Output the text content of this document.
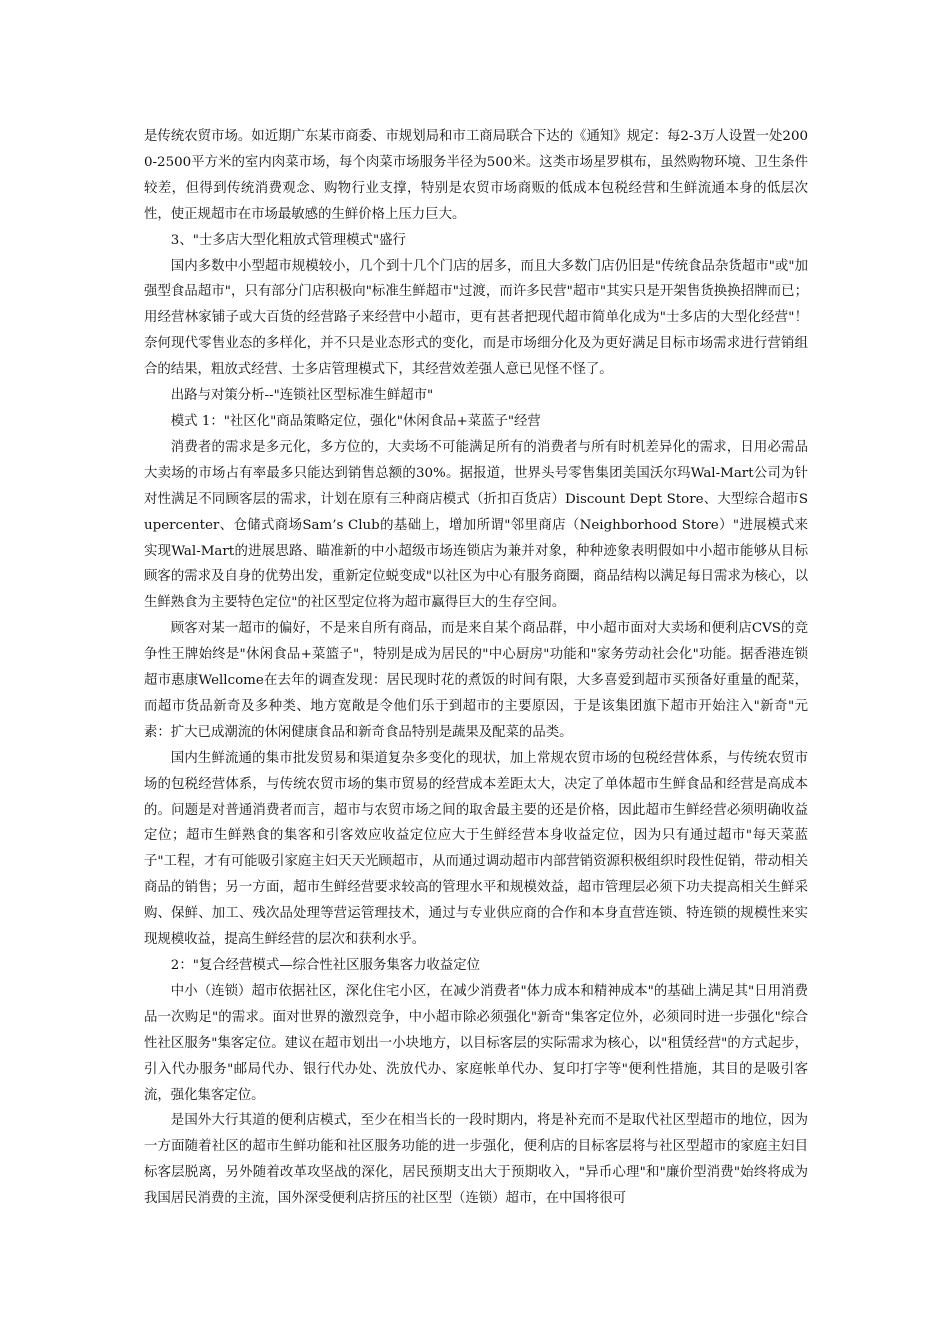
是传统农贸市场。如近期广东某市商委、市规划局和市工商局联合下达的《通知》规定：每2-3万人设置一处2000-2500平方米的室内肉菜市场，每个肉菜市场服务半径为500米。这类市场星罗棋布，虽然购物环境、卫生条件较差，但得到传统消费观念、购物行业支撑，特别是农贸市场商贩的低成本包税经营和生鲜流通本身的低层次性，使正规超市在市场最敏感的生鲜价格上压力巨大。

3、"士多店大型化粗放式管理模式"盛行

国内多数中小型超市规模较小，几个到十几个门店的居多，而且大多数门店仍旧是"传统食品杂货超市"或"加强型食品超市"，只有部分门店积极向"标准生鲜超市"过渡，而许多民营"超市"其实只是开架售货换换招牌而已；用经营林家铺子或大百货的经营路子来经营中小超市，更有甚者把现代超市简单化成为"士多店的大型化经营"！奈何现代零售业态的多样化，并不只是业态形式的变化，而是市场细分化及为更好满足目标市场需求进行营销组合的结果，粗放式经营、士多店管理模式下，其经营效差强人意已见怪不怪了。

出路与对策分析--"连锁社区型标准生鲜超市"

模式 1："社区化"商品策略定位，强化"休闲食品+菜蓝子"经营

消费者的需求是多元化，多方位的，大卖场不可能满足所有的消费者与所有时机差异化的需求，日用必需品大卖场的市场占有率最多只能达到销售总额的30%。据报道，世界头号零售集团美国沃尔玛Wal-Mart公司为针对性满足不同顾客层的需求，计划在原有三种商店模式（折扣百货店）Discount Dept Store、大型综合超市Supercenter、仓储式商场Sam’s Club的基础上，增加所谓"邻里商店（Neighborhood Store）"进展模式来实现Wal-Mart的进展思路、瞄准新的中小超级市场连锁店为兼并对象，种种迹象表明假如中小超市能够从目标顾客的需求及自身的优势出发，重新定位蜕变成"以社区为中心有服务商圈，商品结构以满足每日需求为核心，以生鲜熟食为主要特色定位"的社区型定位将为超市赢得巨大的生存空间。

顾客对某一超市的偏好，不是来自所有商品，而是来自某个商品群，中小超市面对大卖场和便利店CVS的竞争性王牌始终是"休闲食品+菜篮子"，特别是成为居民的"中心厨房"功能和"家务劳动社会化"功能。据香港连锁超市惠康Wellcome在去年的调查发现：居民现时花的煮饭的时间有限，大多喜爱到超市买预备好重量的配菜，而超市货品新奇及多种类、地方宽敞是令他们乐于到超市的主要原因，于是该集团旗下超市开始注入"新奇"元素：扩大已成潮流的休闲健康食品和新奇食品特别是蔬果及配菜的品类。

国内生鲜流通的集市批发贸易和渠道复杂多变化的现状，加上常规农贸市场的包税经营体系，与传统农贸市场的包税经营体系，与传统农贸市场的集市贸易的经营成本差距太大，决定了单体超市生鲜食品和经营是高成本的。问题是对普通消费者而言，超市与农贸市场之间的取舍最主要的还是价格，因此超市生鲜经营必须明确收益定位；超市生鲜熟食的集客和引客效应收益定位应大于生鲜经营本身收益定位，因为只有通过超市"每天菜蓝子"工程，才有可能吸引家庭主妇天天光顾超市，从而通过调动超市内部营销资源积极组织时段性促销，带动相关商品的销售；另一方面，超市生鲜经营要求较高的管理水平和规模效益，超市管理层必须下功夫提高相关生鲜采购、保鲜、加工、残次品处理等营运管理技术，通过与专业供应商的合作和本身直营连锁、特连锁的规模性来实现规模收益，提高生鲜经营的层次和获利水乎。

2："复合经营模式—综合性社区服务集客力收益定位

中小（连锁）超市依据社区，深化住宅小区，在减少消费者"体力成本和精神成本"的基础上满足其"日用消费品一次购足"的需求。面对世界的激烈竞争，中小超市除必须强化"新奇"集客定位外，必须同时进一步强化"综合性社区服务"集客定位。建议在超市划出一小块地方，以目标客层的实际需求为核心，以"租赁经营"的方式起步，引入代办服务"邮局代办、银行代办处、洗放代办、家庭帐单代办、复印打字等"便利性措施，其目的是吸引客流，强化集客定位。

是国外大行其道的便利店模式，至少在相当长的一段时期内，将是补充而不是取代社区型超市的地位，因为一方面随着社区的超市生鲜功能和社区服务功能的进一步强化，便利店的目标客层将与社区型超市的家庭主妇目标客层脱离，另外随着改革攻坚战的深化，居民预期支出大于预期收入，"异币心理"和"廉价型消费"始终将成为我国居民消费的主流，国外深受便利店挤压的社区型（连锁）超市，在中国将很可
